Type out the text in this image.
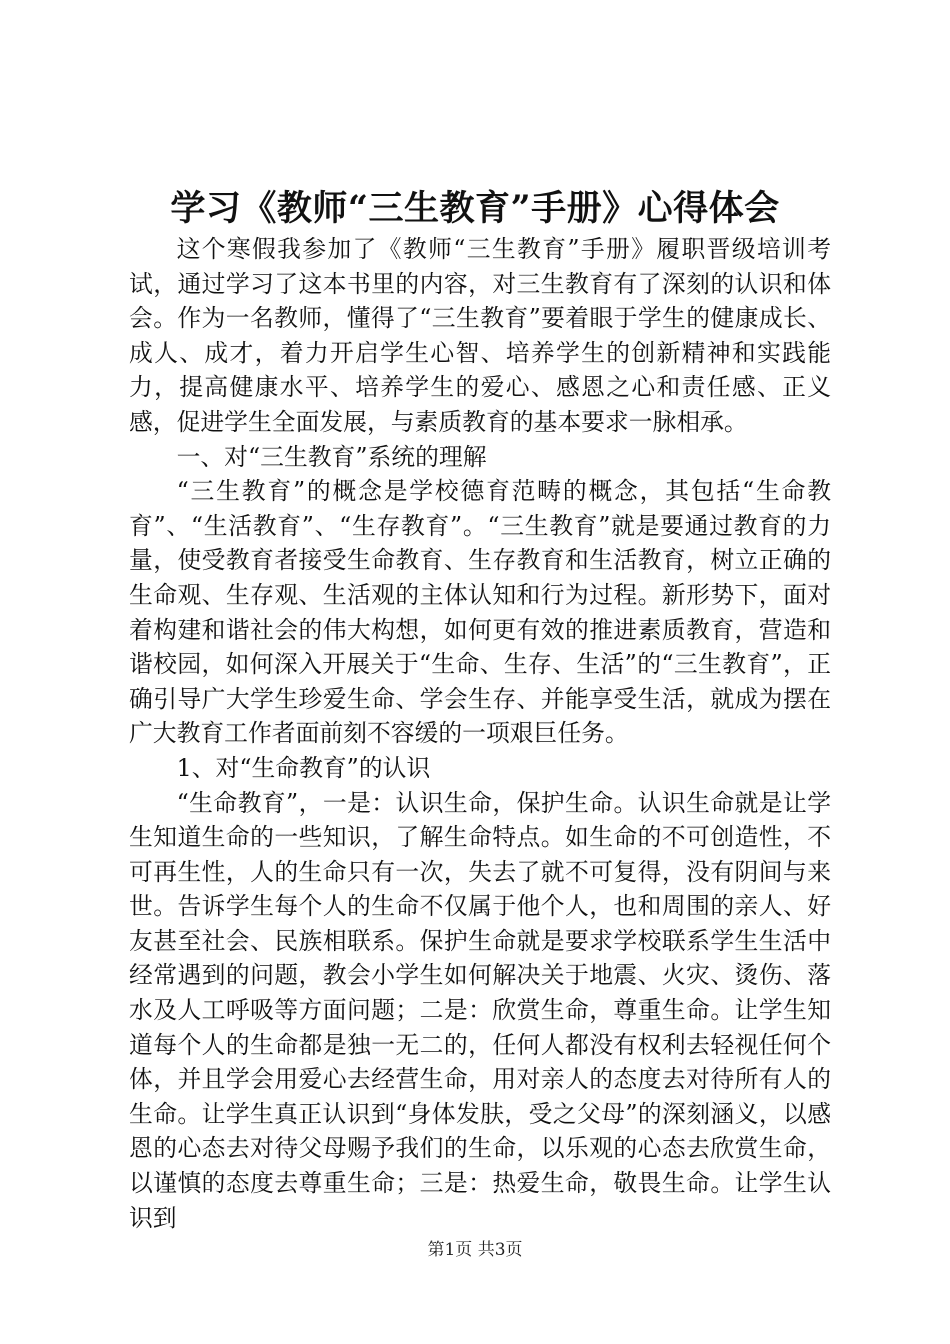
学习《教师“三生教育”手册》心得体会

这个寒假我参加了《教师“三生教育”手册》履职晋级培训考试，通过学习了这本书里的内容，对三生教育有了深刻的认识和体会。作为一名教师，懂得了“三生教育”要着眼于学生的健康成长、成人、成才，着力开启学生心智、培养学生的创新精神和实践能力，提高健康水平、培养学生的爱心、感恩之心和责任感、正义感，促进学生全面发展，与素质教育的基本要求一脉相承。

一、对“三生教育”系统的理解

“三生教育”的概念是学校德育范畴的概念，其包括“生命教育”、“生活教育”、“生存教育”。“三生教育”就是要通过教育的力量，使受教育者接受生命教育、生存教育和生活教育，树立正确的生命观、生存观、生活观的主体认知和行为过程。新形势下，面对着构建和谐社会的伟大构想，如何更有效的推进素质教育，营造和谐校园，如何深入开展关于“生命、生存、生活”的“三生教育”，正确引导广大学生珍爱生命、学会生存、并能享受生活，就成为摆在广大教育工作者面前刻不容缓的一项艰巨任务。

1、对“生命教育”的认识

“生命教育”，一是：认识生命，保护生命。认识生命就是让学生知道生命的一些知识，了解生命特点。如生命的不可创造性，不可再生性，人的生命只有一次，失去了就不可复得，没有阴间与来世。告诉学生每个人的生命不仅属于他个人，也和周围的亲人、好友甚至社会、民族相联系。保护生命就是要求学校联系学生生活中经常遇到的问题，教会小学生如何解决关于地震、火灾、烫伤、落水及人工呼吸等方面问题；二是：欣赏生命，尊重生命。让学生知道每个人的生命都是独一无二的，任何人都没有权利去轻视任何个体，并且学会用爱心去经营生命，用对亲人的态度去对待所有人的生命。让学生真正认识到“身体发肤，受之父母”的深刻涵义，以感恩的心态去对待父母赐予我们的生命，以乐观的心态去欣赏生命，以谨慎的态度去尊重生命；三是：热爱生命，敬畏生命。让学生认识到

第1页 共3页
